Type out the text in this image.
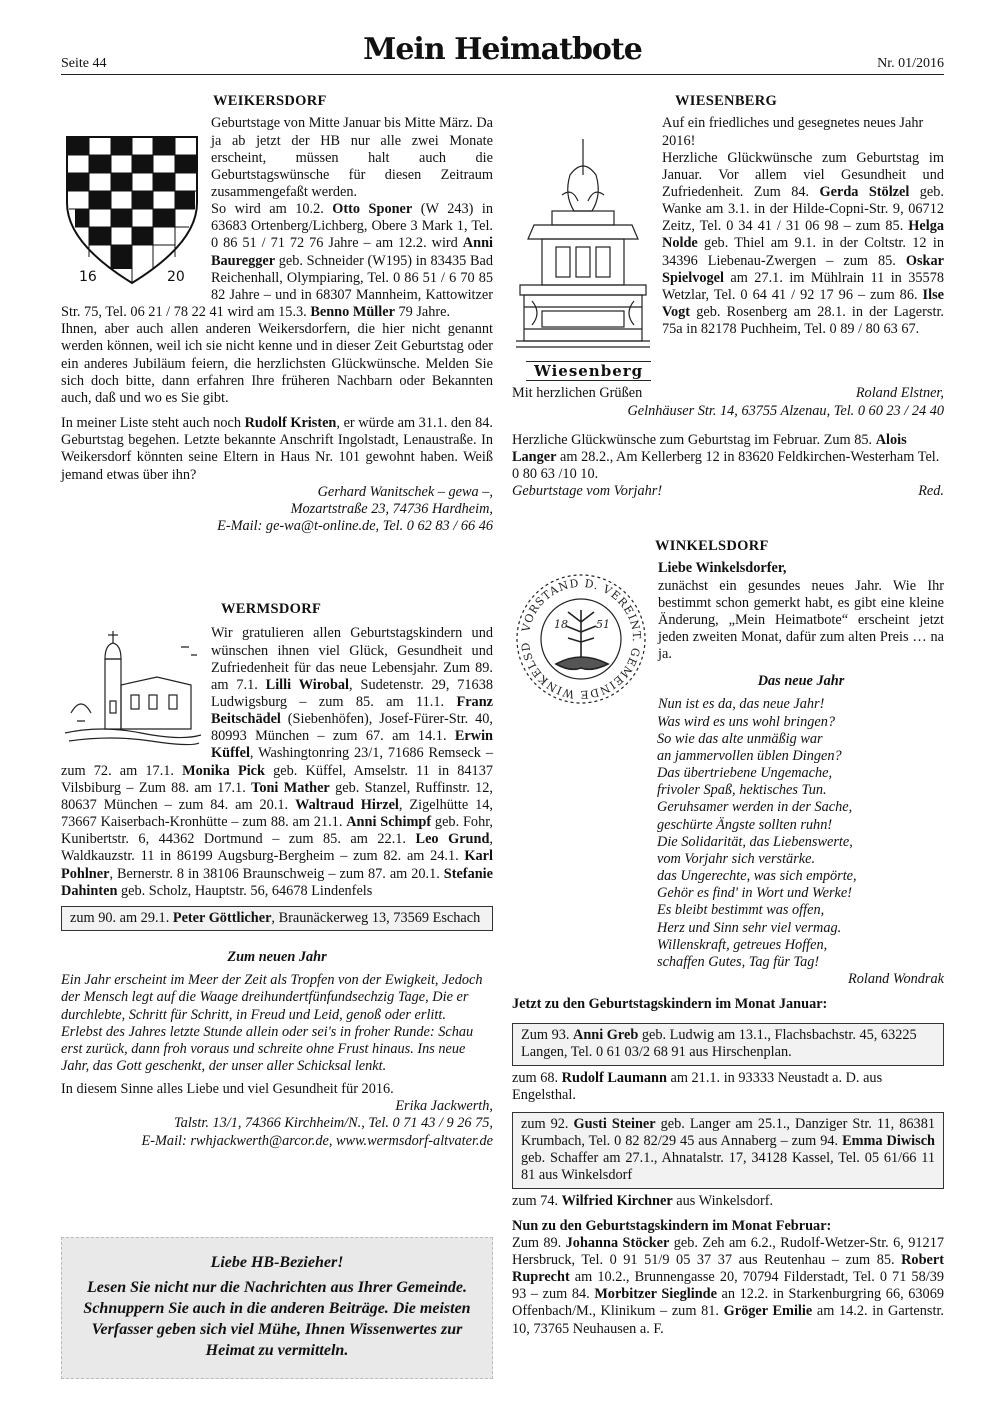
Seite 44	Mein Heimatbote	Nr. 01/2016
WEIKERSDORF
16	20

Geburtstage von Mitte Januar bis Mitte März. Da ja ab jetzt der HB nur alle zwei Monate erscheint, müssen halt auch die Geburtstagswünsche für diesen Zeitraum zusammengefaßt werden.

So wird am 10.2. Otto Sponer (W 243) in 63683 Ortenberg/Lichberg, Obere 3 Mark 1, Tel. 0 86 51 / 71 72 76 Jahre – am 12.2. wird Anni Bauregger geb. Schneider (W195) in 83435 Bad Reichenhall, Olympiaring, Tel. 0 86 51 / 6 70 85 82 Jahre – und in 68307 Mannheim, Kattowitzer Str. 75, Tel. 06 21 / 78 22 41 wird am 15.3. Benno Müller 79 Jahre.

Ihnen, aber auch allen anderen Weikersdorfern, die hier nicht genannt werden können, weil ich sie nicht kenne und in dieser Zeit Geburtstag oder ein anderes Jubiläum feiern, die herzlichsten Glückwünsche. Melden Sie sich doch bitte, dann erfahren Ihre früheren Nachbarn oder Bekannten auch, daß und wo es Sie gibt.

In meiner Liste steht auch noch Rudolf Kristen, er würde am 31.1. den 84. Geburtstag begehen. Letzte bekannte Anschrift Ingolstadt, Lenaustraße. In Weikersdorf könnten seine Eltern in Haus Nr. 101 gewohnt haben. Weiß jemand etwas über ihn?

Gerhard Wanitschek – gewa –,

Mozartstraße 23, 74736 Hardheim,

E-Mail: ge-wa@t-online.de, Tel. 0 62 83 / 66 46

WERMSDORF

Wir gratulieren allen Geburtstagskindern und wünschen ihnen viel Glück, Gesundheit und Zufriedenheit für das neue Lebensjahr. Zum 89. am 7.1. Lilli Wirobal, Sudetenstr. 29, 71638 Ludwigsburg – zum 85. am 11.1. Franz Beitschädel (Siebenhöfen), Josef-Fürer-Str. 40, 80993 München – zum 67. am 14.1. Erwin Küffel, Washingtonring 23/1, 71686 Remseck – zum 72. am 17.1. Monika Pick geb. Küffel, Amselstr. 11 in 84137 Vilsbiburg – Zum 88. am 17.1. Toni Mather geb. Stanzel, Ruffinstr. 12, 80637 München – zum 84. am 20.1. Waltraud Hirzel, Zigelhütte 14, 73667 Kaiserbach-Kronhütte – zum 88. am 21.1. Anni Schimpf geb. Fohr, Kunibertstr. 6, 44362 Dortmund – zum 85. am 22.1. Leo Grund, Waldkauzstr. 11 in 86199 Augsburg-Bergheim – zum 82. am 24.1. Karl Pohlner, Bernerstr. 8 in 38106 Braunschweig – zum 87. am 20.1. Stefanie Dahinten geb. Scholz, Hauptstr. 56, 64678 Lindenfels

zum 90. am 29.1. Peter Göttlicher, Braunäckerweg 13, 73569 Eschach

Zum neuen Jahr

Ein Jahr erscheint im Meer der Zeit als Tropfen von der Ewigkeit, Jedoch der Mensch legt auf die Waage dreihundertfünfundsechzig Tage, Die er durchlebte, Schritt für Schritt, in Freud und Leid, genoß oder erlitt.

Erlebst des Jahres letzte Stunde allein oder sei's in froher Runde: Schau erst zurück, dann froh voraus und schreite ohne Frust hinaus. Ins neue Jahr, das Gott geschenkt, der unser aller Schicksal lenkt.

In diesem Sinne alles Liebe und viel Gesundheit für 2016.

Erika Jackwerth,

Talstr. 13/1, 74366 Kirchheim/N., Tel. 0 71 43 / 9 26 75,

E-Mail: rwhjackwerth@arcor.de, www.wermsdorf-altvater.de

Liebe HB-Bezieher!

Lesen Sie nicht nur die Nachrichten aus Ihrer Gemeinde. Schnuppern Sie auch in die anderen Beiträge. Die meisten Verfasser geben sich viel Mühe, Ihnen Wissenwertes zur Heimat zu vermitteln.

WIESENBERG
Wiesenberg

Auf ein friedliches und gesegnetes neues Jahr 2016!

Herzliche Glückwünsche zum Geburtstag im Januar. Vor allem viel Gesundheit und Zufriedenheit. Zum 84. Gerda Stölzel geb. Wanke am 3.1. in der Hilde-Copni-Str. 9, 06712 Zeitz, Tel. 0 34 41 / 31 06 98 – zum 85. Helga Nolde geb. Thiel am 9.1. in der Coltstr. 12 in 34396 Liebenau-Zwergen – zum 85. Oskar Spielvogel am 27.1. im Mühlrain 11 in 35578 Wetzlar, Tel. 0 64 41 / 92 17 96 – zum 86. Ilse Vogt geb. Rosenberg am 28.1. in der Lagerstr. 75a in 82178 Puchheim, Tel. 0 89 / 80 63 67.

Mit herzlichen Grüßen	Roland Elstner,

Gelnhäuser Str. 14, 63755 Alzenau, Tel. 0 60 23 / 24 40

Herzliche Glückwünsche zum Geburtstag im Februar. Zum 85. Alois Langer am 28.2., Am Kellerberg 12 in 83620 Feldkirchen-Westerham Tel. 0 80 63 /10 10.

Geburtstage vom Vorjahr!	Red.
WINKELSDORF
VORSTAND D. VEREINT. GEMEINDE WINKELSD
18	51

Liebe Winkelsdorfer,

zunächst ein gesundes neues Jahr. Wie Ihr bestimmt schon gemerkt habt, es gibt eine kleine Änderung, „Mein Heimatbote“ erscheint jetzt jeden zweiten Monat, dafür zum alten Preis … na ja.

Das neue Jahr

Nun ist es da, das neue Jahr!

Was wird es uns wohl bringen?

So wie das alte unmäßig war

an jammervollen üblen Dingen?

Das übertriebene Ungemache,

frivoler Spaß, hektisches Tun.

Geruhsamer werden in der Sache,

geschürte Ängste sollten ruhn!

Die Solidarität, das Liebenswerte,

vom Vorjahr sich verstärke.

das Ungerechte, was sich empörte,

Gehör es find' in Wort und Werke!

Es bleibt bestimmt was offen,

Herz und Sinn sehr viel vermag.

Willenskraft, getreues Hoffen,

schaffen Gutes, Tag für Tag!

Roland Wondrak

Jetzt zu den Geburtstagskindern im Monat Januar:

Zum 93. Anni Greb geb. Ludwig am 13.1., Flachsbachstr. 45, 63225 Langen, Tel. 0 61 03/2 68 91 aus Hirschenplan.

zum 68. Rudolf Laumann am 21.1. in 93333 Neustadt a. D. aus Engelsthal.

zum 92. Gusti Steiner geb. Langer am 25.1., Danziger Str. 11, 86381 Krumbach, Tel. 0 82 82/29 45 aus Annaberg – zum 94. Emma Diwisch geb. Schaffer am 27.1., Ahnatalstr. 17, 34128 Kassel, Tel. 05 61/66 11 81 aus Winkelsdorf

zum 74. Wilfried Kirchner aus Winkelsdorf.

Nun zu den Geburtstagskindern im Monat Februar:

Zum 89. Johanna Stöcker geb. Zeh am 6.2., Rudolf-Wetzer-Str. 6, 91217 Hersbruck, Tel. 0 91 51/9 05 37 37 aus Reutenhau – zum 85. Robert Ruprecht am 10.2., Brunnengasse 20, 70794 Filderstadt, Tel. 0 71 58/39 93 – zum 84. Morbitzer Sieglinde an 12.2. in Starkenburgring 66, 63069 Offenbach/M., Klinikum – zum 81. Gröger Emilie am 14.2. in Gartenstr. 10, 73765 Neuhausen a. F.
